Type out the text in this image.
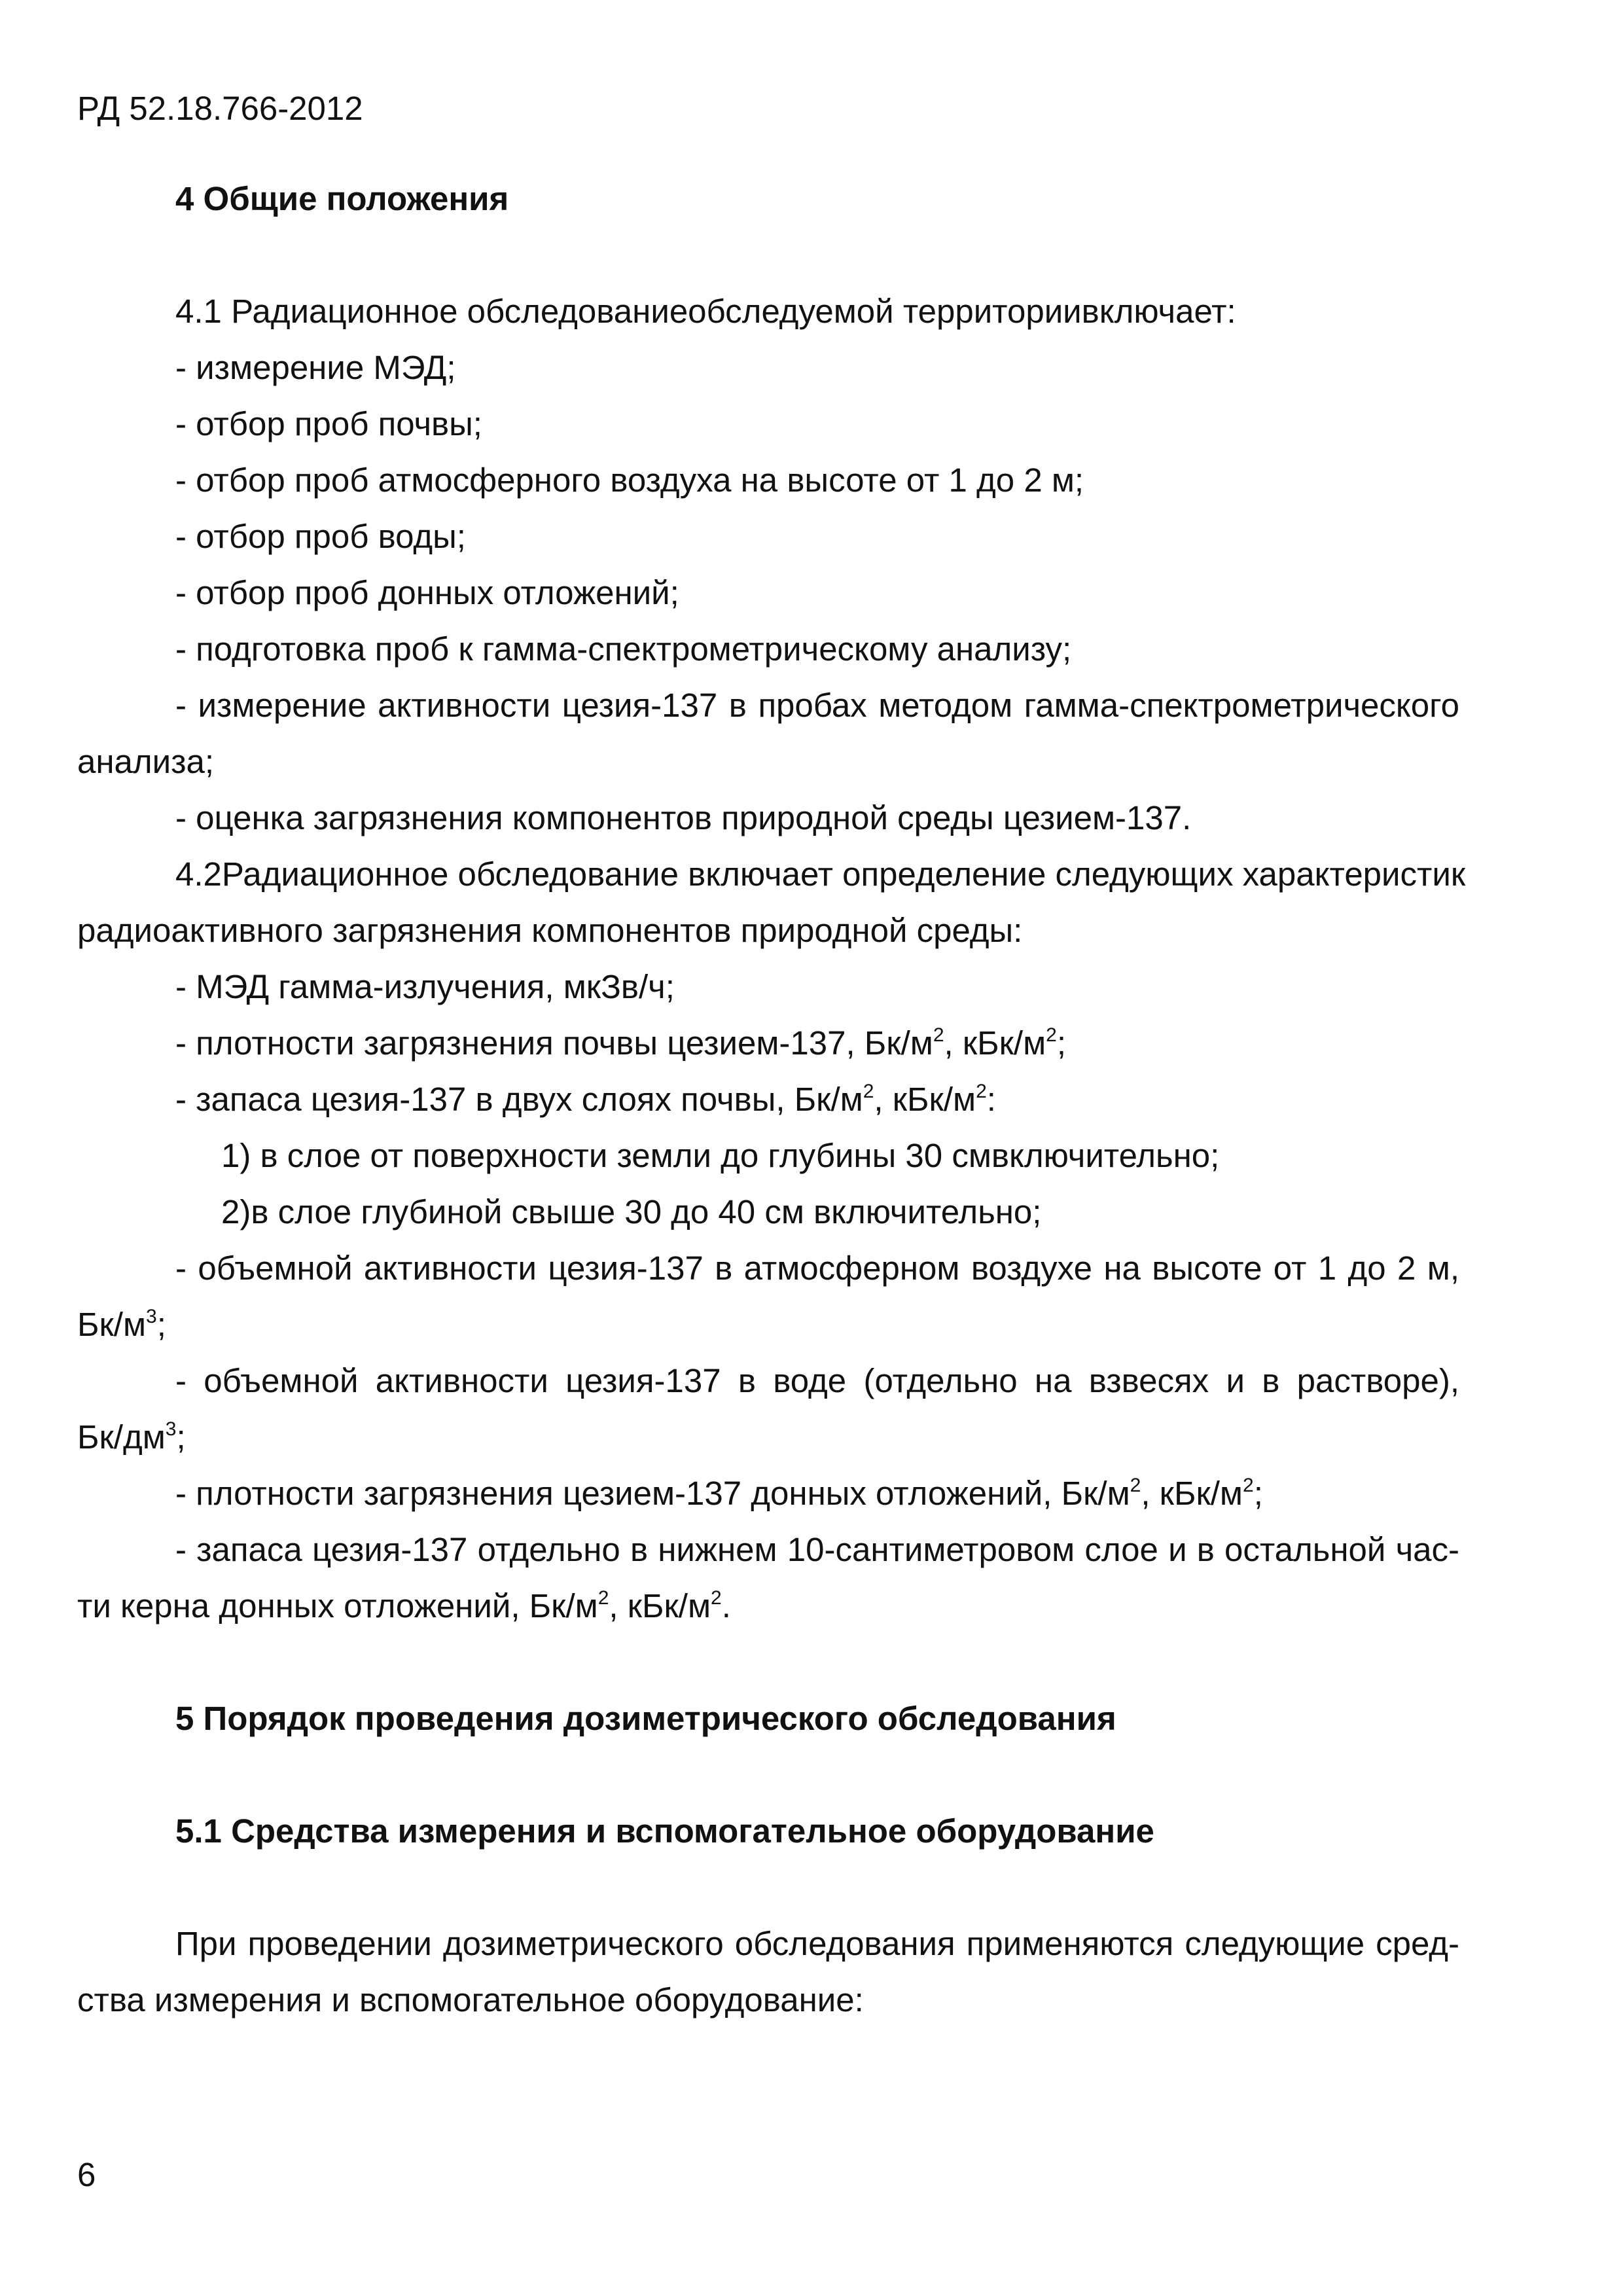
РД 52.18.766-2012
4 Общие положения
4.1 Радиационное обследованиеобследуемой территориивключает:
- измерение МЭД;
- отбор проб почвы;
- отбор проб атмосферного воздуха на высоте от 1 до 2 м;
- отбор проб воды;
- отбор проб донных отложений;
- подготовка проб к гамма-спектрометрическому анализу;
- измерение активности цезия-137 в пробах методом гамма-спектрометрического
анализа;
- оценка загрязнения компонентов природной среды цезием-137.
4.2Радиационное обследование включает определение следующих характеристик
радиоактивного загрязнения компонентов природной среды:
- МЭД гамма-излучения, мкЗв/ч;
- плотности загрязнения почвы цезием-137, $Бк/м^2$, кБк/$м^2$;
- запаса цезия-137 в двух слоях почвы, $Бк/м^2$, кБк/$м^2$:
1) в слое от поверхности земли до глубины 30 смвключительно;
2)в слое глубиной свыше 30 до 40 см включительно;
- объемной активности цезия-137 в атмосферном воздухе на высоте от 1 до 2 м,
$Бк/м^3$;
- объемной активности цезия-137 в воде (отдельно на взвесях и в растворе),
$Бк/дм^3$;
- плотности загрязнения цезием-137 донных отложений, $Бк/м^2$, кБк/$м^2$;
- запаса цезия-137 отдельно в нижнем 10-сантиметровом слое и в остальной час-
ти керна донных отложений, $Бк/м^2$, кБк/$м^2$.
5 Порядок проведения дозиметрического обследования
5.1 Средства измерения и вспомогательное оборудование
При проведении дозиметрического обследования применяются следующие сред-
ства измерения и вспомогательное оборудование:
6
